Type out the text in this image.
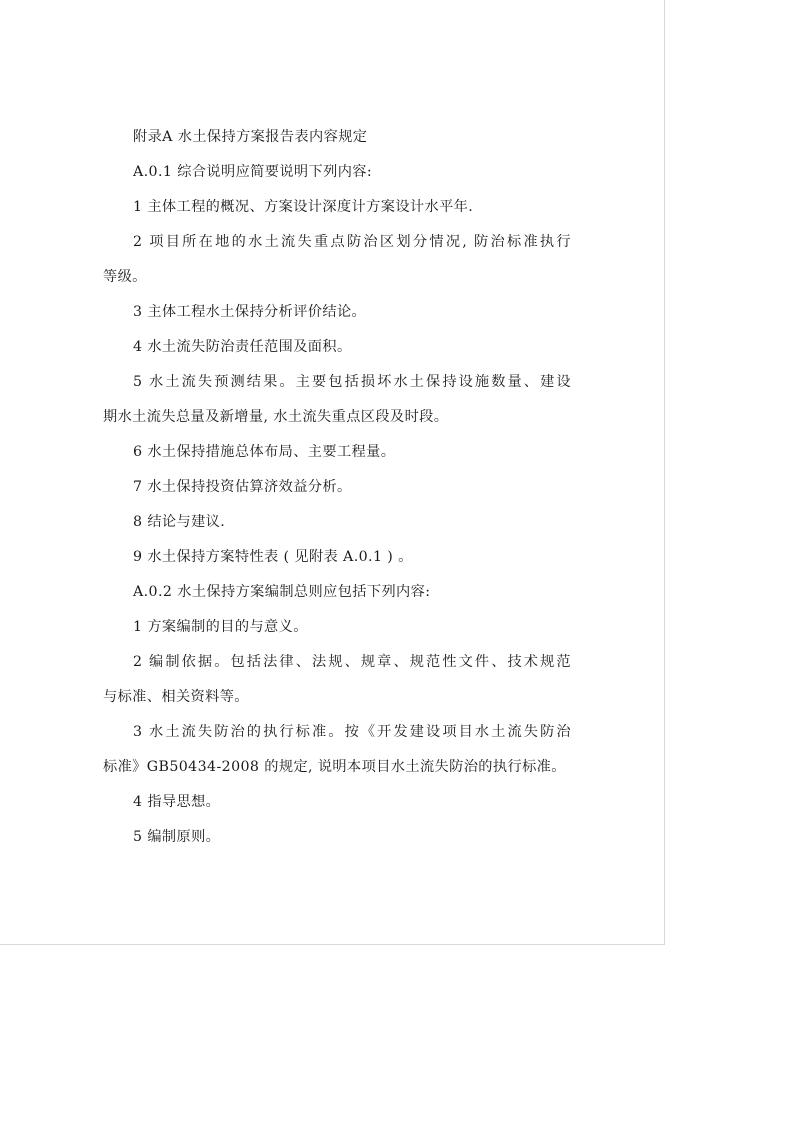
附录A 水土保持方案报告表内容规定
A.0.1 综合说明应简要说明下列内容:
1 主体工程的概况、方案设计深度计方案设计水平年.
2 项目所在地的水土流失重点防治区划分情况, 防治标准执行
等级。
3 主体工程水土保持分析评价结论。
4 水土流失防治责任范围及面积。
5 水土流失预测结果。主要包括损坏水土保持设施数量、建设
期水土流失总量及新增量, 水土流失重点区段及时段。
6 水土保持措施总体布局、主要工程量。
7 水土保持投资估算济效益分析。
8 结论与建议.
9 水土保持方案特性表 ( 见附表 A.0.1 ) 。
A.0.2 水土保持方案编制总则应包括下列内容:
1 方案编制的目的与意义。
2 编制依据。包括法律、法规、规章、规范性文件、技术规范
与标准、相关资料等。
3 水土流失防治的执行标准。按《开发建设项目水土流失防治
标准》GB50434-2008 的规定, 说明本项目水土流失防治的执行标准。
4 指导思想。
5 编制原则。
